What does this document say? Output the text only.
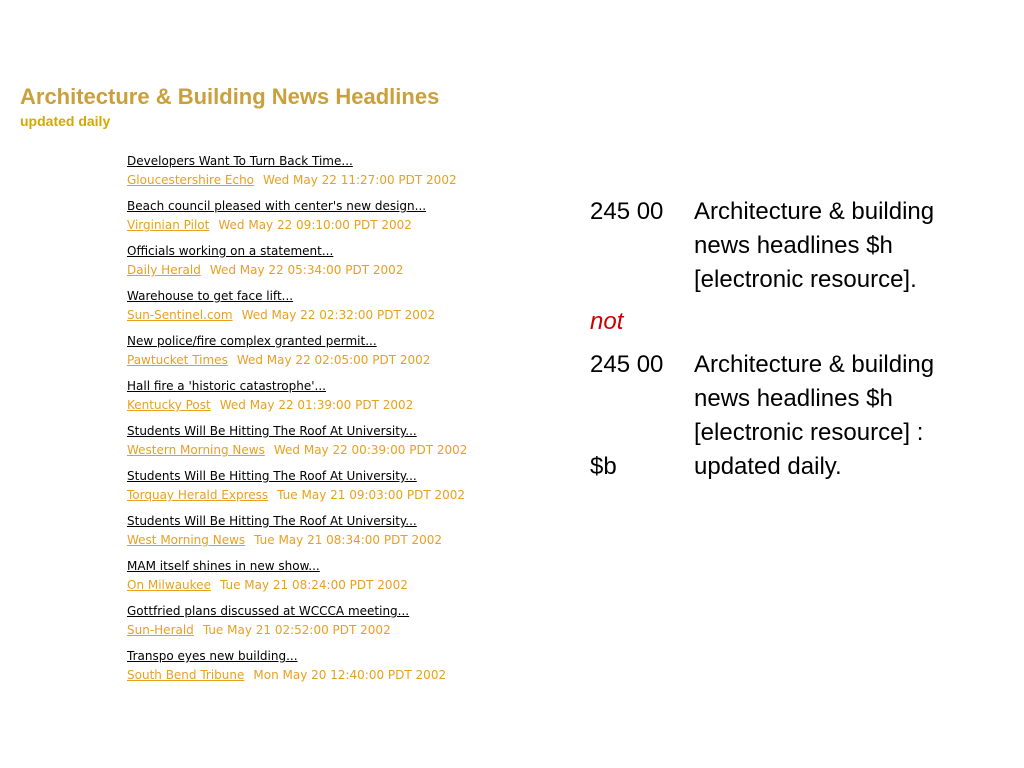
Architecture & Building News Headlines
updated daily
Developers Want To Turn Back Time...
Gloucestershire Echo Wed May 22 11:27:00 PDT 2002
Beach council pleased with center's new design...
Virginian Pilot Wed May 22 09:10:00 PDT 2002
Officials working on a statement...
Daily Herald Wed May 22 05:34:00 PDT 2002
Warehouse to get face lift...
Sun-Sentinel.com Wed May 22 02:32:00 PDT 2002
New police/fire complex granted permit...
Pawtucket Times Wed May 22 02:05:00 PDT 2002
Hall fire a 'historic catastrophe'...
Kentucky Post Wed May 22 01:39:00 PDT 2002
Students Will Be Hitting The Roof At University...
Western Morning News Wed May 22 00:39:00 PDT 2002
Students Will Be Hitting The Roof At University...
Torquay Herald Express Tue May 21 09:03:00 PDT 2002
Students Will Be Hitting The Roof At University...
West Morning News Tue May 21 08:34:00 PDT 2002
MAM itself shines in new show...
On Milwaukee Tue May 21 08:24:00 PDT 2002
Gottfried plans discussed at WCCCA meeting...
Sun-Herald Tue May 21 02:52:00 PDT 2002
Transpo eyes new building...
South Bend Tribune Mon May 20 12:40:00 PDT 2002
245 00	Architecture & building news headlines $h [electronic resource].
not
245 00	Architecture & building news headlines $h [electronic resource] :
$b	updated daily.
